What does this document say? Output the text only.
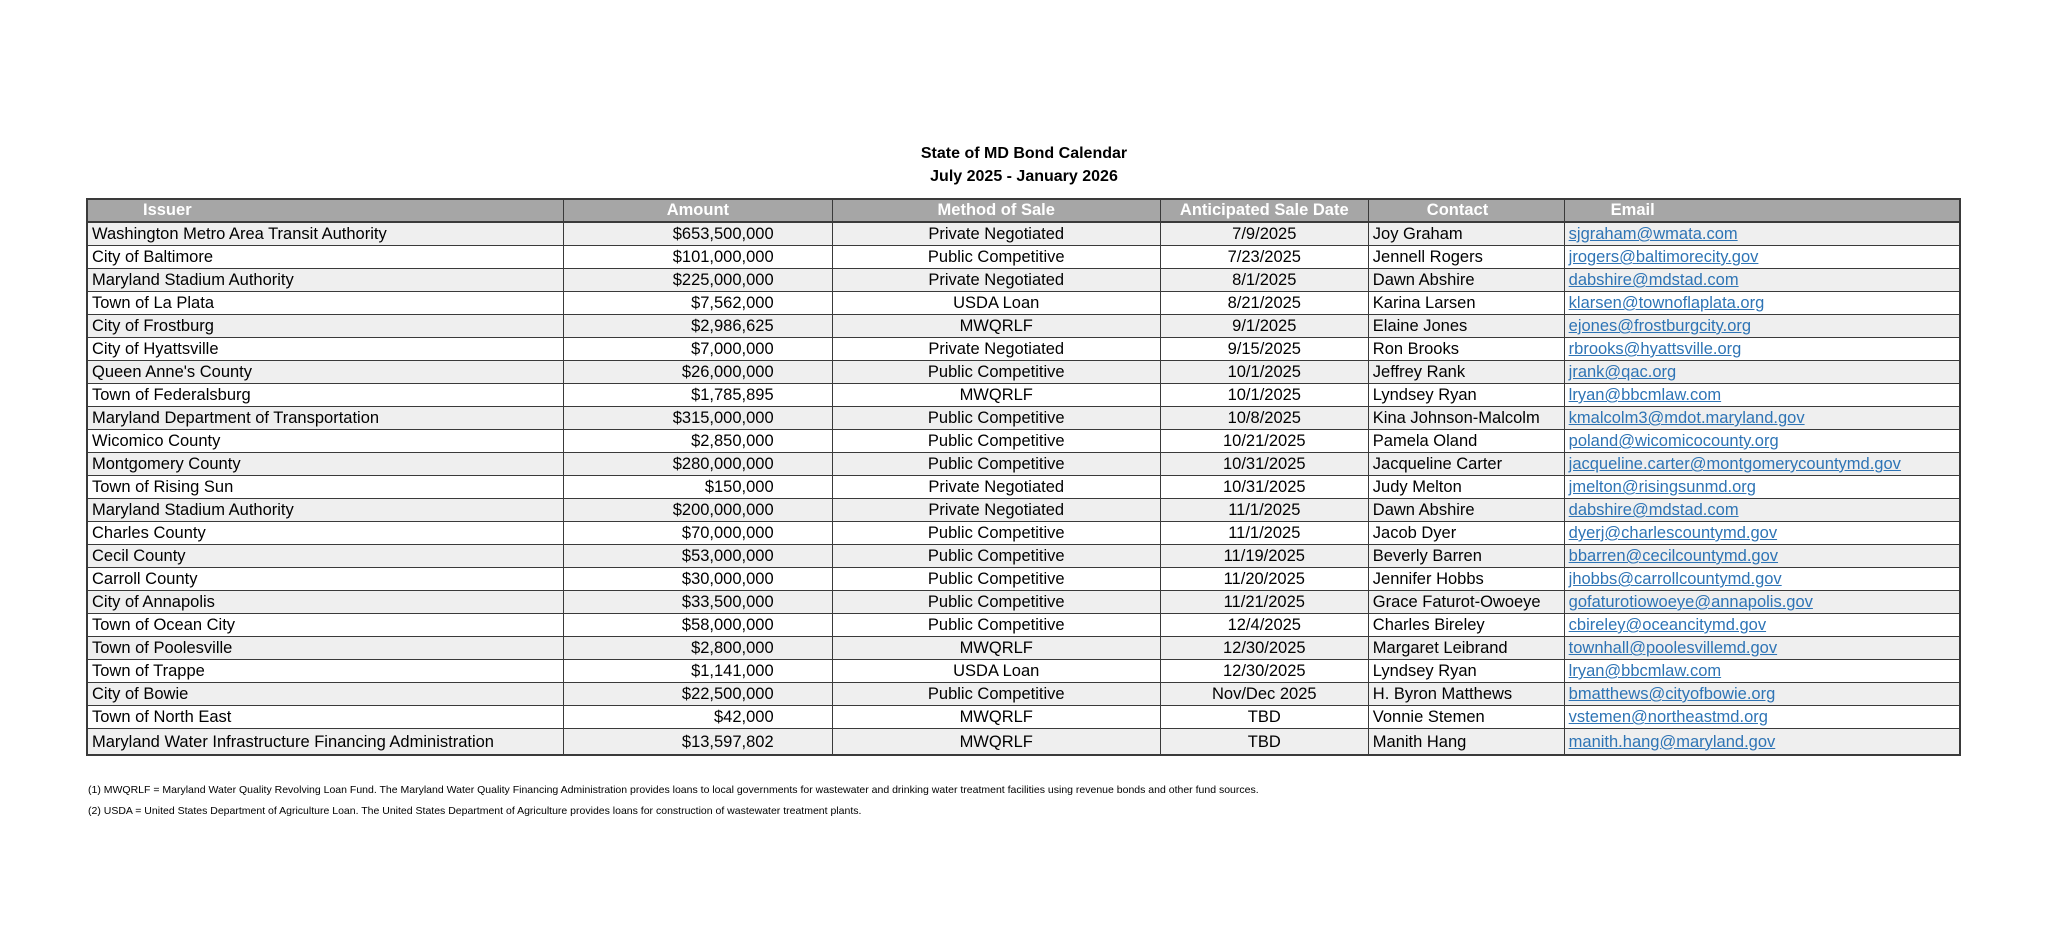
State of MD Bond Calendar
July 2025 - January 2026
Issuer	Amount	Method of Sale	Anticipated Sale Date	Contact	Email
Washington Metro Area Transit Authority	$653,500,000	Private Negotiated	7/9/2025	Joy Graham	sjgraham@wmata.com
City of Baltimore	$101,000,000	Public Competitive	7/23/2025	Jennell Rogers	jrogers@baltimorecity.gov
Maryland Stadium Authority	$225,000,000	Private Negotiated	8/1/2025	Dawn Abshire	dabshire@mdstad.com
Town of La Plata	$7,562,000	USDA Loan	8/21/2025	Karina Larsen	klarsen@townoflaplata.org
City of Frostburg	$2,986,625	MWQRLF	9/1/2025	Elaine Jones	ejones@frostburgcity.org
City of Hyattsville	$7,000,000	Private Negotiated	9/15/2025	Ron Brooks	rbrooks@hyattsville.org
Queen Anne's County	$26,000,000	Public Competitive	10/1/2025	Jeffrey Rank	jrank@qac.org
Town of Federalsburg	$1,785,895	MWQRLF	10/1/2025	Lyndsey Ryan	lryan@bbcmlaw.com
Maryland Department of Transportation	$315,000,000	Public Competitive	10/8/2025	Kina Johnson-Malcolm	kmalcolm3@mdot.maryland.gov
Wicomico County	$2,850,000	Public Competitive	10/21/2025	Pamela Oland	poland@wicomicocounty.org
Montgomery County	$280,000,000	Public Competitive	10/31/2025	Jacqueline Carter	jacqueline.carter@montgomerycountymd.gov
Town of Rising Sun	$150,000	Private Negotiated	10/31/2025	Judy Melton	jmelton@risingsunmd.org
Maryland Stadium Authority	$200,000,000	Private Negotiated	11/1/2025	Dawn Abshire	dabshire@mdstad.com
Charles County	$70,000,000	Public Competitive	11/1/2025	Jacob Dyer	dyerj@charlescountymd.gov
Cecil County	$53,000,000	Public Competitive	11/19/2025	Beverly Barren	bbarren@cecilcountymd.gov
Carroll County	$30,000,000	Public Competitive	11/20/2025	Jennifer Hobbs	jhobbs@carrollcountymd.gov
City of Annapolis	$33,500,000	Public Competitive	11/21/2025	Grace Faturot-Owoeye	gofaturotiowoeye@annapolis.gov
Town of Ocean City	$58,000,000	Public Competitive	12/4/2025	Charles Bireley	cbireley@oceancitymd.gov
Town of Poolesville	$2,800,000	MWQRLF	12/30/2025	Margaret Leibrand	townhall@poolesvillemd.gov
Town of Trappe	$1,141,000	USDA Loan	12/30/2025	Lyndsey Ryan	lryan@bbcmlaw.com
City of Bowie	$22,500,000	Public Competitive	Nov/Dec 2025	H. Byron Matthews	bmatthews@cityofbowie.org
Town of North East	$42,000	MWQRLF	TBD	Vonnie Stemen	vstemen@northeastmd.org
Maryland Water Infrastructure Financing Administration	$13,597,802	MWQRLF	TBD	Manith Hang	manith.hang@maryland.gov
(1) MWQRLF = Maryland Water Quality Revolving Loan Fund. The Maryland Water Quality Financing Administration provides loans to local governments for wastewater and drinking water treatment facilities using revenue bonds and other fund sources.
(2) USDA = United States Department of Agriculture Loan. The United States Department of Agriculture provides loans for construction of wastewater treatment plants.
